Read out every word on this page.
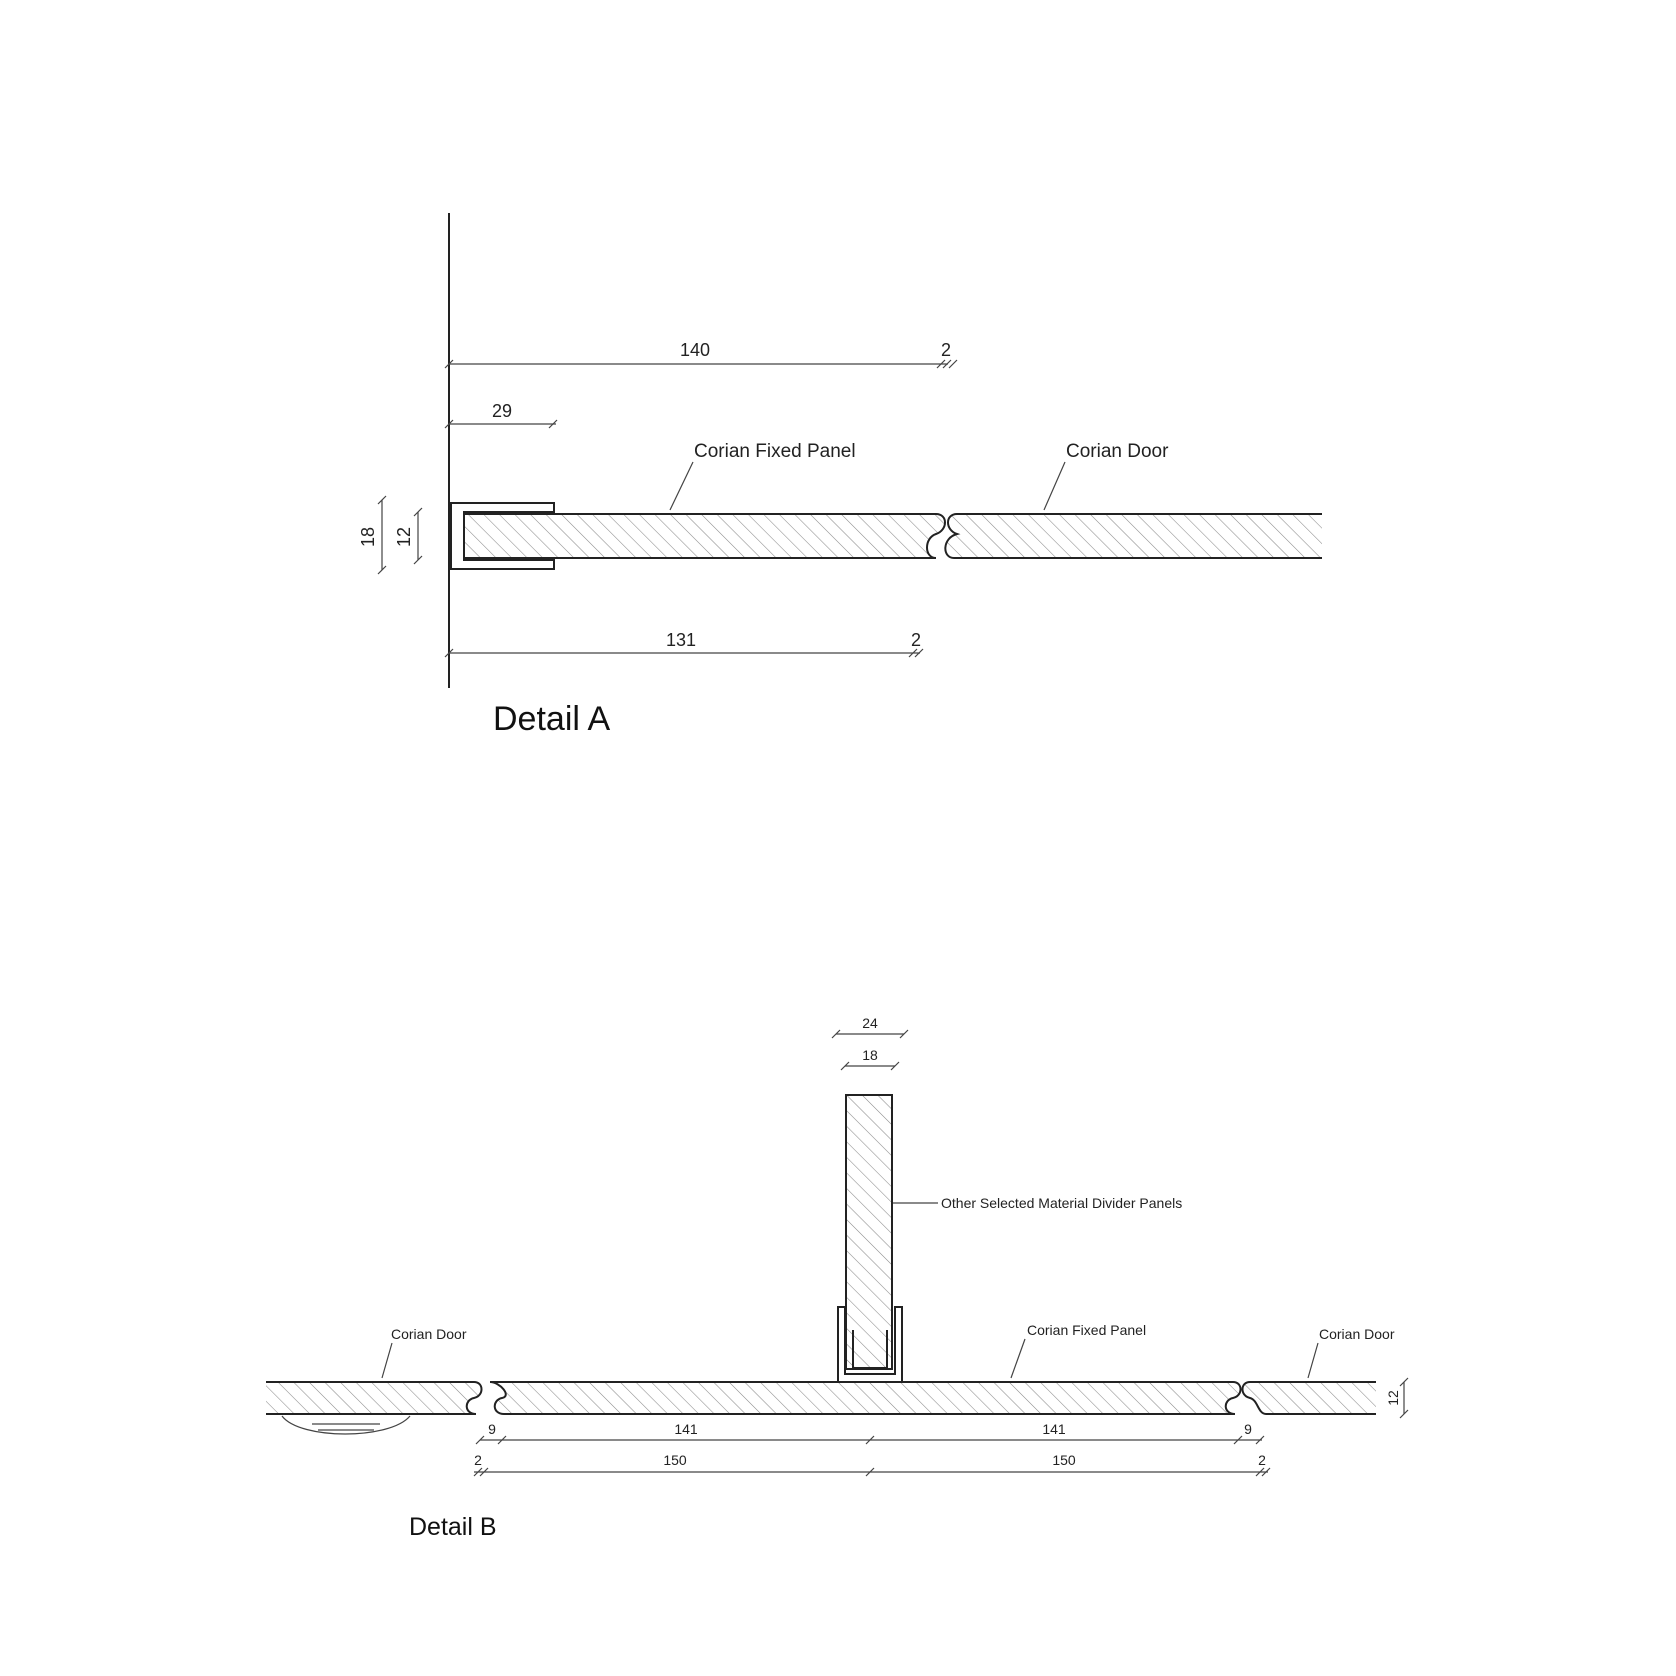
140	2
29
Corian Fixed Panel	Corian Door
18 12
131	2
Detail A
24
18
Other Selected Material Divider Panels
Corian Door	Corian Fixed Panel	Corian Door
12
9	141	141	9
2	150	150	2
Detail B
